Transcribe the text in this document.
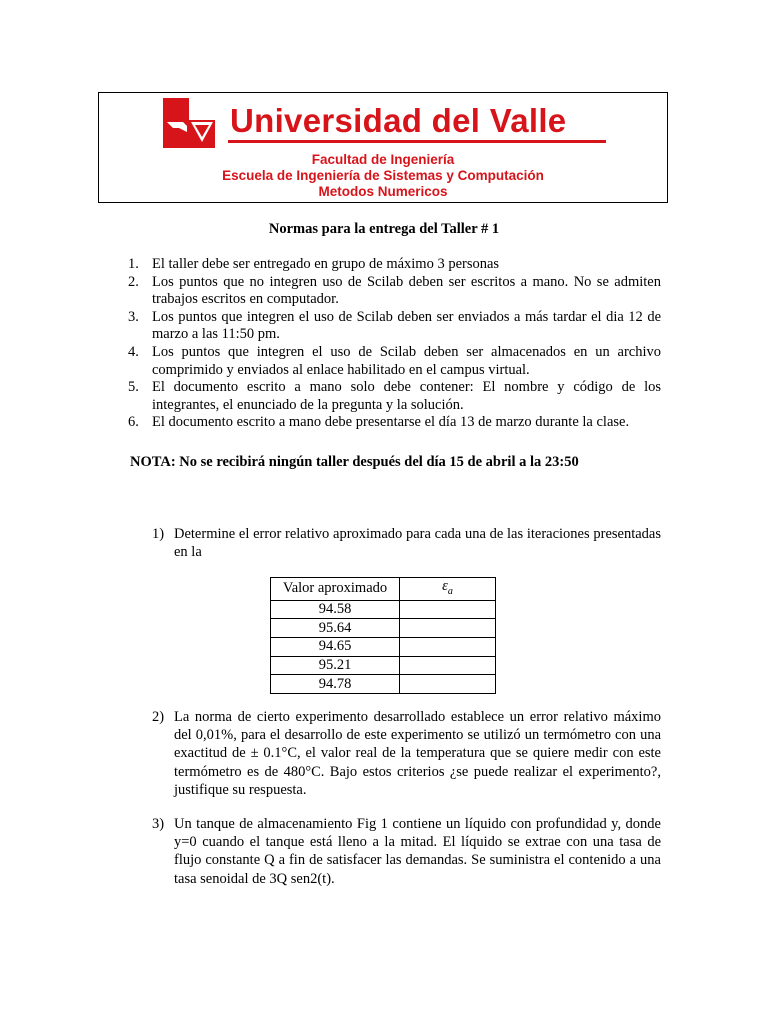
Universidad del Valle
Facultad de Ingeniería
Escuela de Ingeniería de Sistemas y Computación
Metodos Numericos
Normas para la entrega del Taller # 1
1. El taller debe ser entregado en grupo de máximo 3 personas
2. Los puntos que no integren uso de Scilab deben ser escritos a mano. No se admiten trabajos escritos en computador.
3. Los puntos que integren el uso de Scilab deben ser enviados a más tardar el dia 12 de marzo a las 11:50 pm.
4. Los puntos que integren el uso de Scilab deben ser almacenados en un archivo comprimido y enviados al enlace habilitado en el campus virtual.
5. El documento escrito a mano solo debe contener: El nombre y código de los integrantes, el enunciado de la pregunta y la solución.
6. El documento escrito a mano debe presentarse el día 13 de marzo durante la clase.
NOTA: No se recibirá ningún taller después del día 15 de abril a la 23:50
1) Determine el error relativo aproximado para cada una de las iteraciones presentadas en la
Valor aproximado	$\varepsilon_a$
94.58	
95.64	
94.65	
95.21	
94.78	
2) La norma de cierto experimento desarrollado establece un error relativo máximo del 0,01%, para el desarrollo de este experimento se utilizó un termómetro con una exactitud de ± 0.1°C, el valor real de la temperatura que se quiere medir con este termómetro es de 480°C. Bajo estos criterios ¿se puede realizar el experimento?, justifique su respuesta.
3) Un tanque de almacenamiento Fig 1 contiene un líquido con profundidad y, donde y=0 cuando el tanque está lleno a la mitad. El líquido se extrae con una tasa de flujo constante Q a fin de satisfacer las demandas. Se suministra el contenido a una tasa senoidal de 3Q sen2(t).
